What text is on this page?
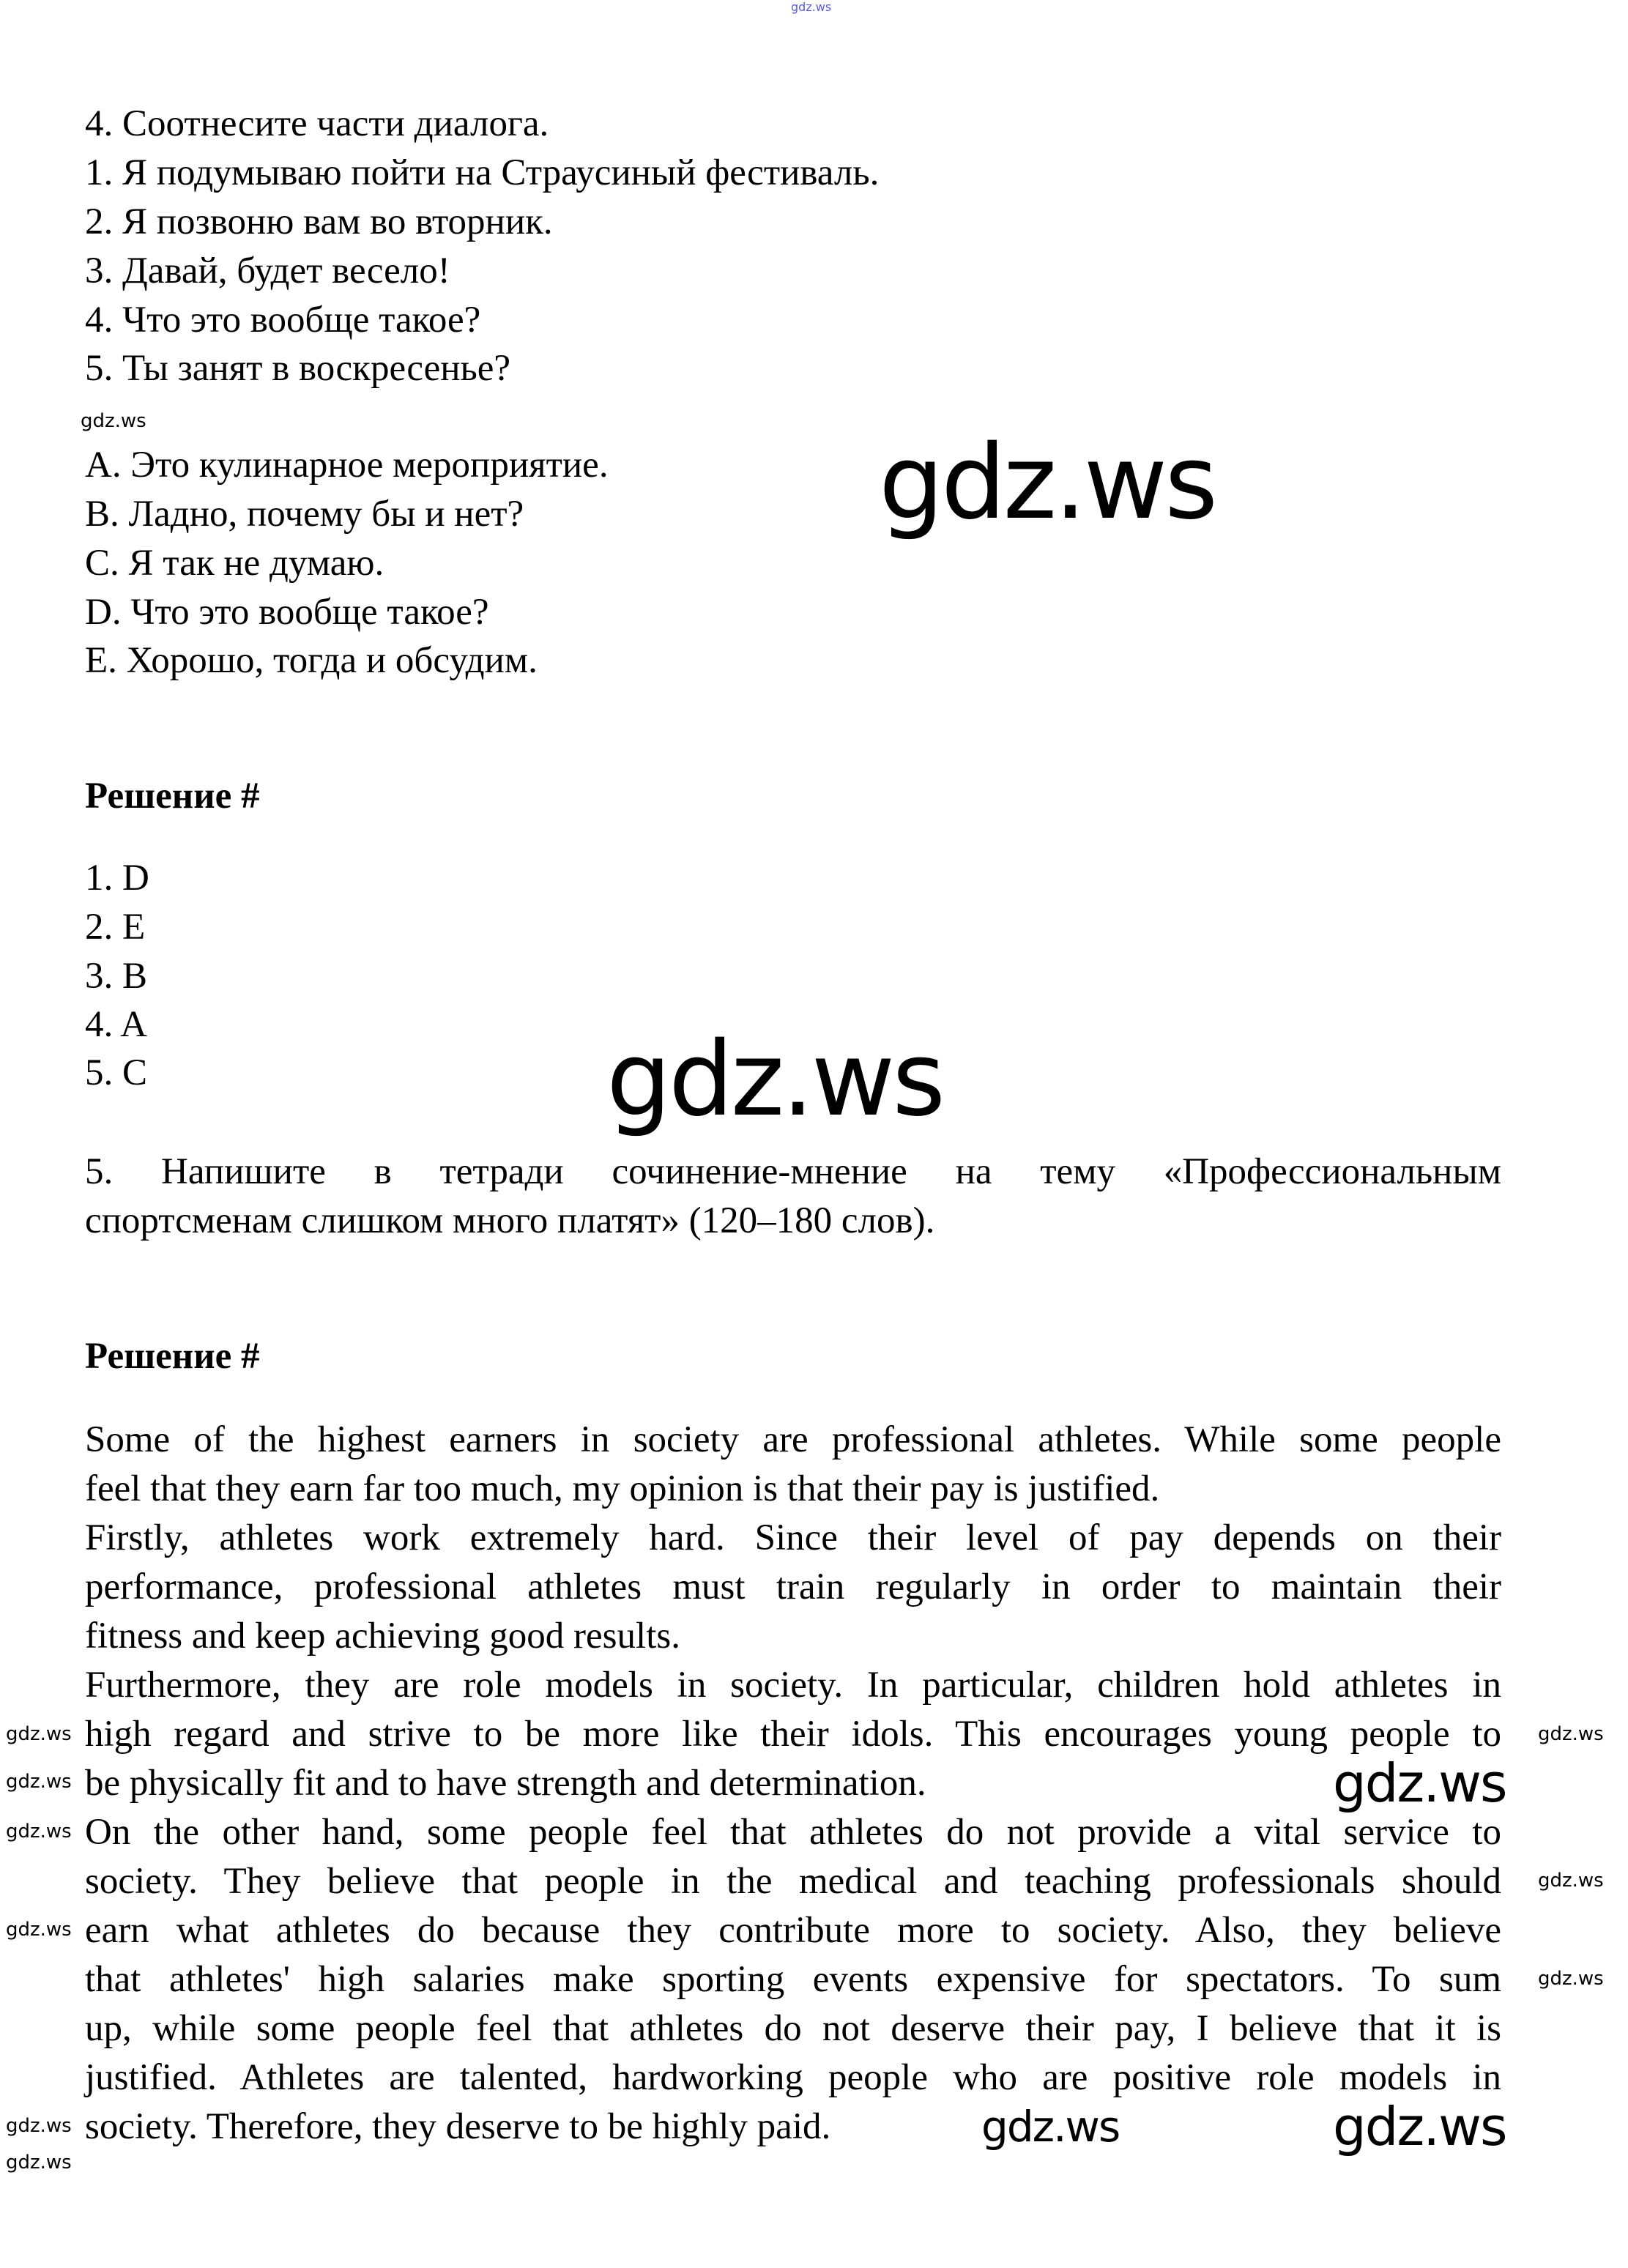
gdz.ws
4. Соотнесите части диалога.
1. Я подумываю пойти на Страусиный фестиваль.
2. Я позвоню вам во вторник.
3. Давай, будет весело!
4. Что это вообще такое?
5. Ты занят в воскресенье?
gdz.ws
A. Это кулинарное мероприятие.
B. Ладно, почему бы и нет?
C. Я так не думаю.
D. Что это вообще такое?
E. Хорошо, тогда и обсудим.
gdz.ws
Решение #
1. D
2. E
3. B
4. A
5. C	gdz.ws
5. Напишите в тетради сочинение-мнение на тему «Профессиональным
спортсменам слишком много платят» (120–180 слов).
Решение #
Some of the highest earners in society are professional athletes. While some people
feel that they earn far too much, my opinion is that their pay is justified.
Firstly, athletes work extremely hard. Since their level of pay depends on their
performance, professional athletes must train regularly in order to maintain their
fitness and keep achieving good results.
Furthermore, they are role models in society. In particular, children hold athletes in
high regard and strive to be more like their idols. This encourages young people to
be physically fit and to have strength and determination.
On the other hand, some people feel that athletes do not provide a vital service to
society. They believe that people in the medical and teaching professionals should
earn what athletes do because they contribute more to society. Also, they believe
that athletes' high salaries make sporting events expensive for spectators. To sum
up, while some people feel that athletes do not deserve their pay, I believe that it is
justified. Athletes are talented, hardworking people who are positive role models in
society. Therefore, they deserve to be highly paid.
gdz.ws	gdz.ws
gdz.ws	gdz.ws
gdz.ws
gdz.ws
gdz.ws
gdz.ws
gdz.ws
gdz.ws
gdz.ws	gdz.ws
